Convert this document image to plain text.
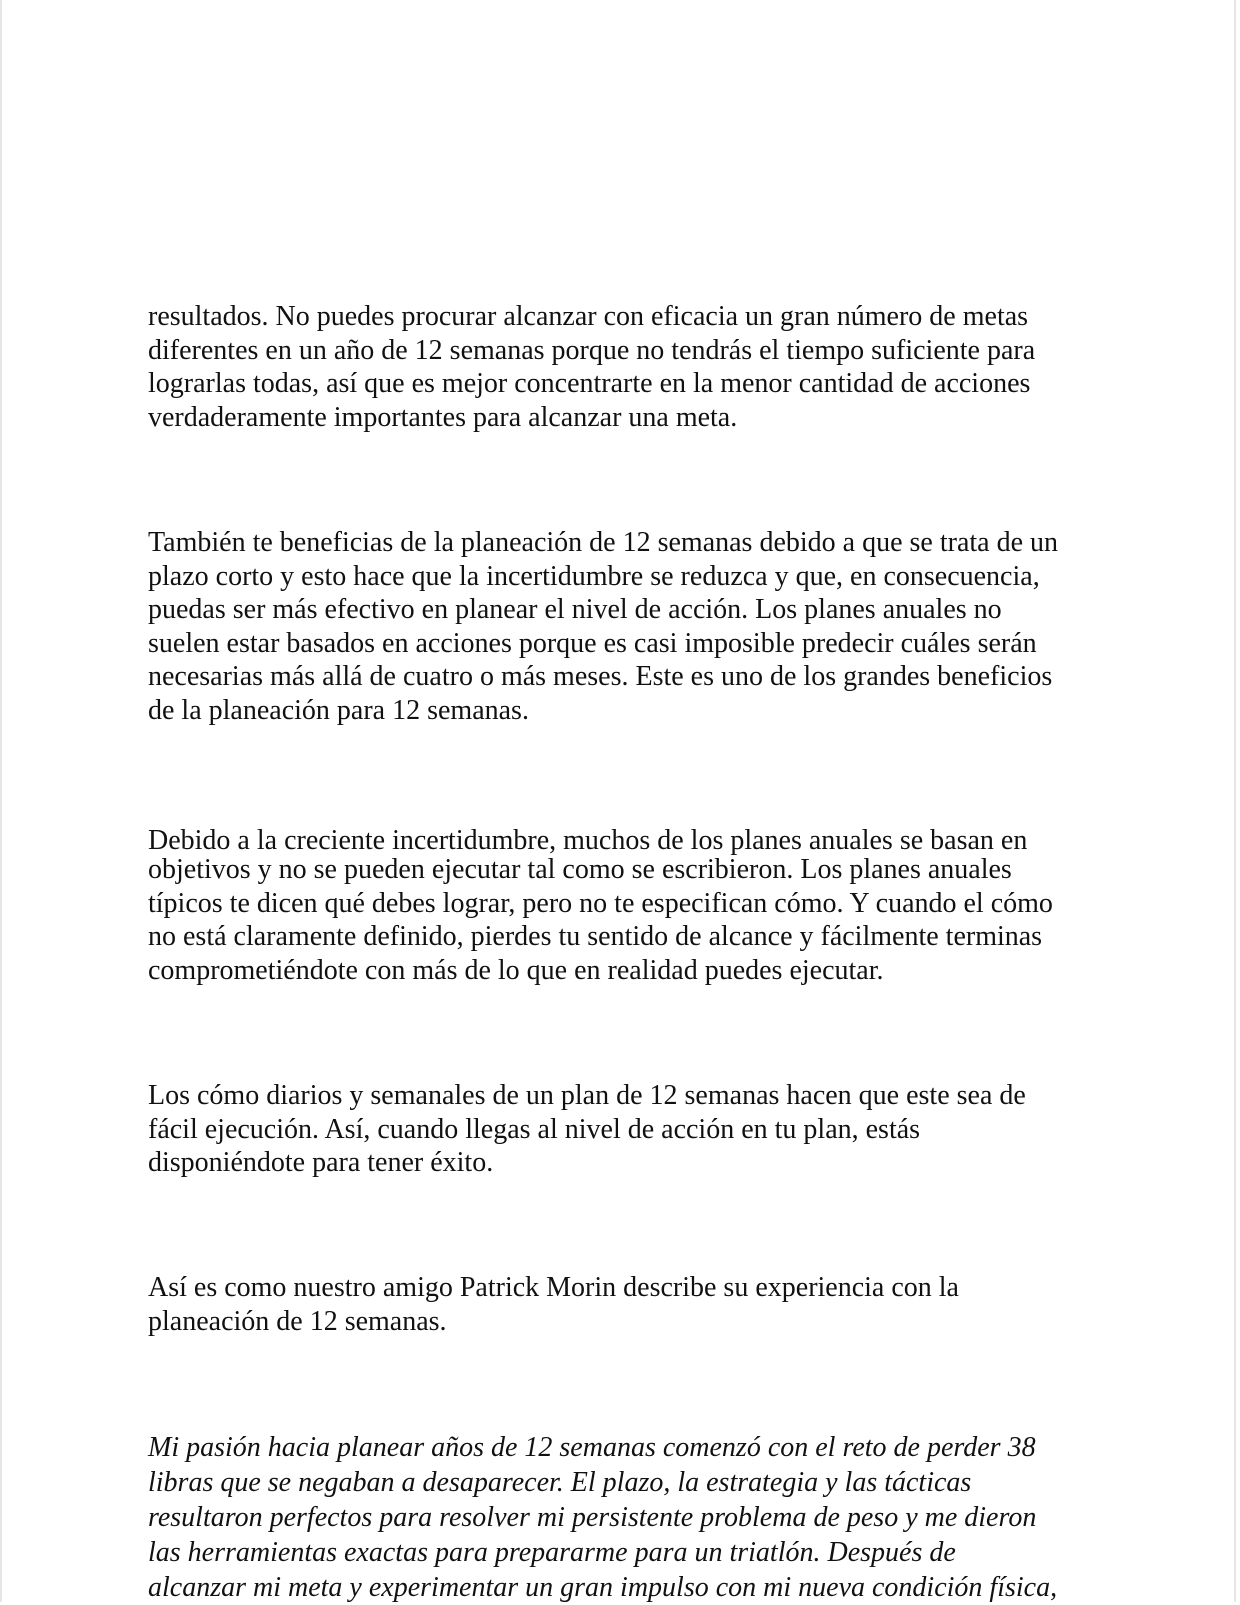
resultados. No puedes procurar alcanzar con eficacia un gran número de metas
diferentes en un año de 12 semanas porque no tendrás el tiempo suficiente para
lograrlas todas, así que es mejor concentrarte en la menor cantidad de acciones
verdaderamente importantes para alcanzar una meta.

También te beneficias de la planeación de 12 semanas debido a que se trata de un
plazo corto y esto hace que la incertidumbre se reduzca y que, en consecuencia,
puedas ser más efectivo en planear el nivel de acción. Los planes anuales no
suelen estar basados en acciones porque es casi imposible predecir cuáles serán
necesarias más allá de cuatro o más meses. Este es uno de los grandes beneficios
de la planeación para 12 semanas.

Debido a la creciente incertidumbre, muchos de los planes anuales se basan en
objetivos y no se pueden ejecutar tal como se escribieron. Los planes anuales
típicos te dicen qué debes lograr, pero no te especifican cómo. Y cuando el cómo
no está claramente definido, pierdes tu sentido de alcance y fácilmente terminas
comprometiéndote con más de lo que en realidad puedes ejecutar.

Los cómo diarios y semanales de un plan de 12 semanas hacen que este sea de
fácil ejecución. Así, cuando llegas al nivel de acción en tu plan, estás
disponiéndote para tener éxito.

Así es como nuestro amigo Patrick Morin describe su experiencia con la
planeación de 12 semanas.

Mi pasión hacia planear años de 12 semanas comenzó con el reto de perder 38
libras que se negaban a desaparecer. El plazo, la estrategia y las tácticas
resultaron perfectos para resolver mi persistente problema de peso y me dieron
las herramientas exactas para prepararme para un triatlón. Después de
alcanzar mi meta y experimentar un gran impulso con mi nueva condición física,
